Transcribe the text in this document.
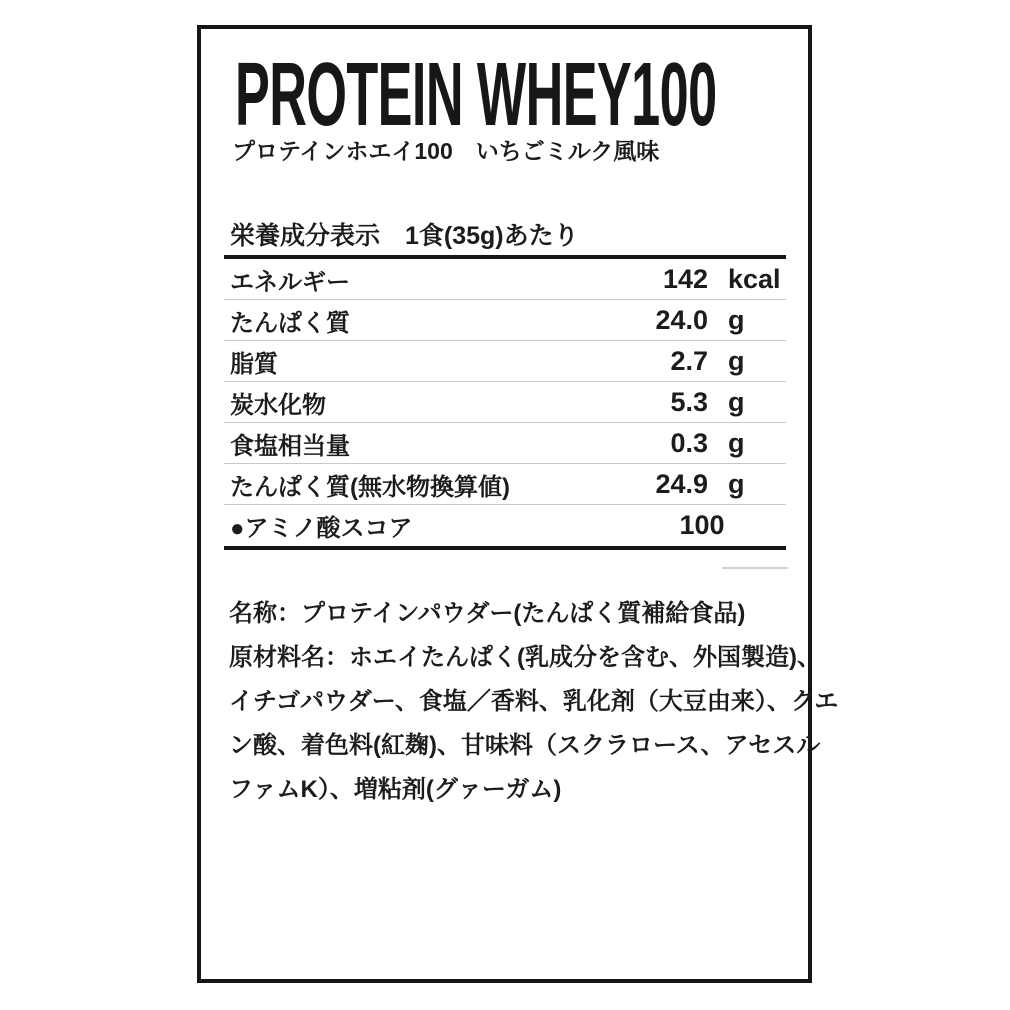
PROTEIN WHEY100
プロテインホエイ100　いちごミルク風味
栄養成分表示　1食(35g)あたり
エネルギー	142 kcal
たんぱく質	24.0 g
脂質	2.7 g
炭水化物	5.3 g
食塩相当量	0.3 g
たんぱく質(無水物換算値)	24.9 g
●アミノ酸スコア	100
名称：プロテインパウダー(たんぱく質補給食品)
原材料名：ホエイたんぱく(乳成分を含む、外国製造)、
イチゴパウダー、食塩／香料、乳化剤（大豆由来）、クエ
ン酸、着色料(紅麹)、甘味料（スクラロース、アセスル
ファムK）、増粘剤(グァーガム)
